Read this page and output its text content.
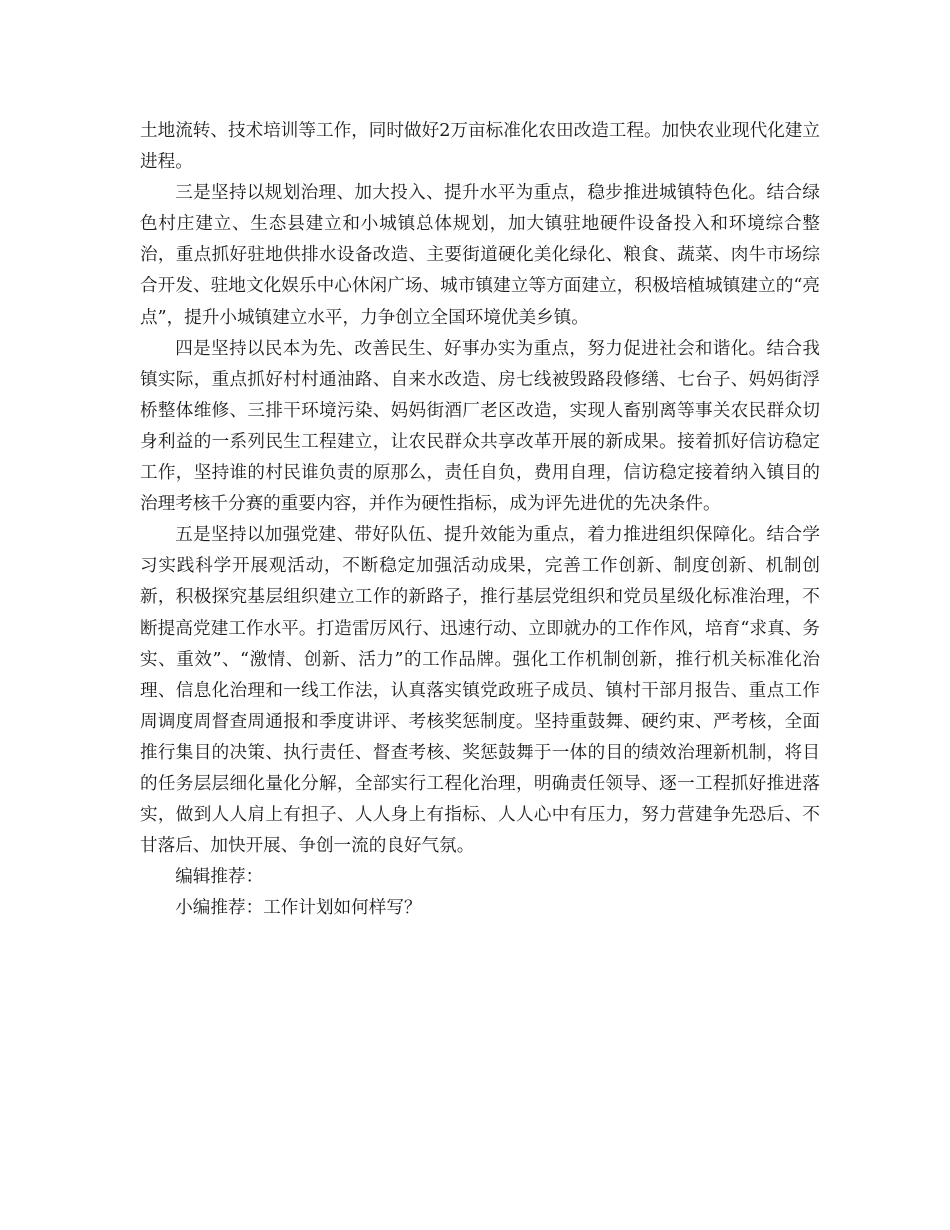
土地流转、技术培训等工作，同时做好2万亩标准化农田改造工程。加快农业现代化建立进程。

三是坚持以规划治理、加大投入、提升水平为重点，稳步推进城镇特色化。结合绿色村庄建立、生态县建立和小城镇总体规划，加大镇驻地硬件设备投入和环境综合整治，重点抓好驻地供排水设备改造、主要街道硬化美化绿化、粮食、蔬菜、肉牛市场综合开发、驻地文化娱乐中心休闲广场、城市镇建立等方面建立，积极培植城镇建立的“亮点”，提升小城镇建立水平，力争创立全国环境优美乡镇。

四是坚持以民本为先、改善民生、好事办实为重点，努力促进社会和谐化。结合我镇实际，重点抓好村村通油路、自来水改造、房七线被毁路段修缮、七台子、妈妈街浮桥整体维修、三排干环境污染、妈妈街酒厂老区改造，实现人畜别离等事关农民群众切身利益的一系列民生工程建立，让农民群众共享改革开展的新成果。接着抓好信访稳定工作，坚持谁的村民谁负责的原那么，责任自负，费用自理，信访稳定接着纳入镇目的治理考核千分赛的重要内容，并作为硬性指标，成为评先进优的先决条件。

五是坚持以加强党建、带好队伍、提升效能为重点，着力推进组织保障化。结合学习实践科学开展观活动，不断稳定加强活动成果，完善工作创新、制度创新、机制创新，积极探究基层组织建立工作的新路子，推行基层党组织和党员星级化标准治理，不断提高党建工作水平。打造雷厉风行、迅速行动、立即就办的工作作风，培育“求真、务实、重效”、“激情、创新、活力”的工作品牌。强化工作机制创新，推行机关标准化治理、信息化治理和一线工作法，认真落实镇党政班子成员、镇村干部月报告、重点工作周调度周督查周通报和季度讲评、考核奖惩制度。坚持重鼓舞、硬约束、严考核，全面推行集目的决策、执行责任、督查考核、奖惩鼓舞于一体的目的绩效治理新机制，将目的任务层层细化量化分解，全部实行工程化治理，明确责任领导、逐一工程抓好推进落实，做到人人肩上有担子、人人身上有指标、人人心中有压力，努力营建争先恐后、不甘落后、加快开展、争创一流的良好气氛。

编辑推荐：

小编推荐：工作计划如何样写？
